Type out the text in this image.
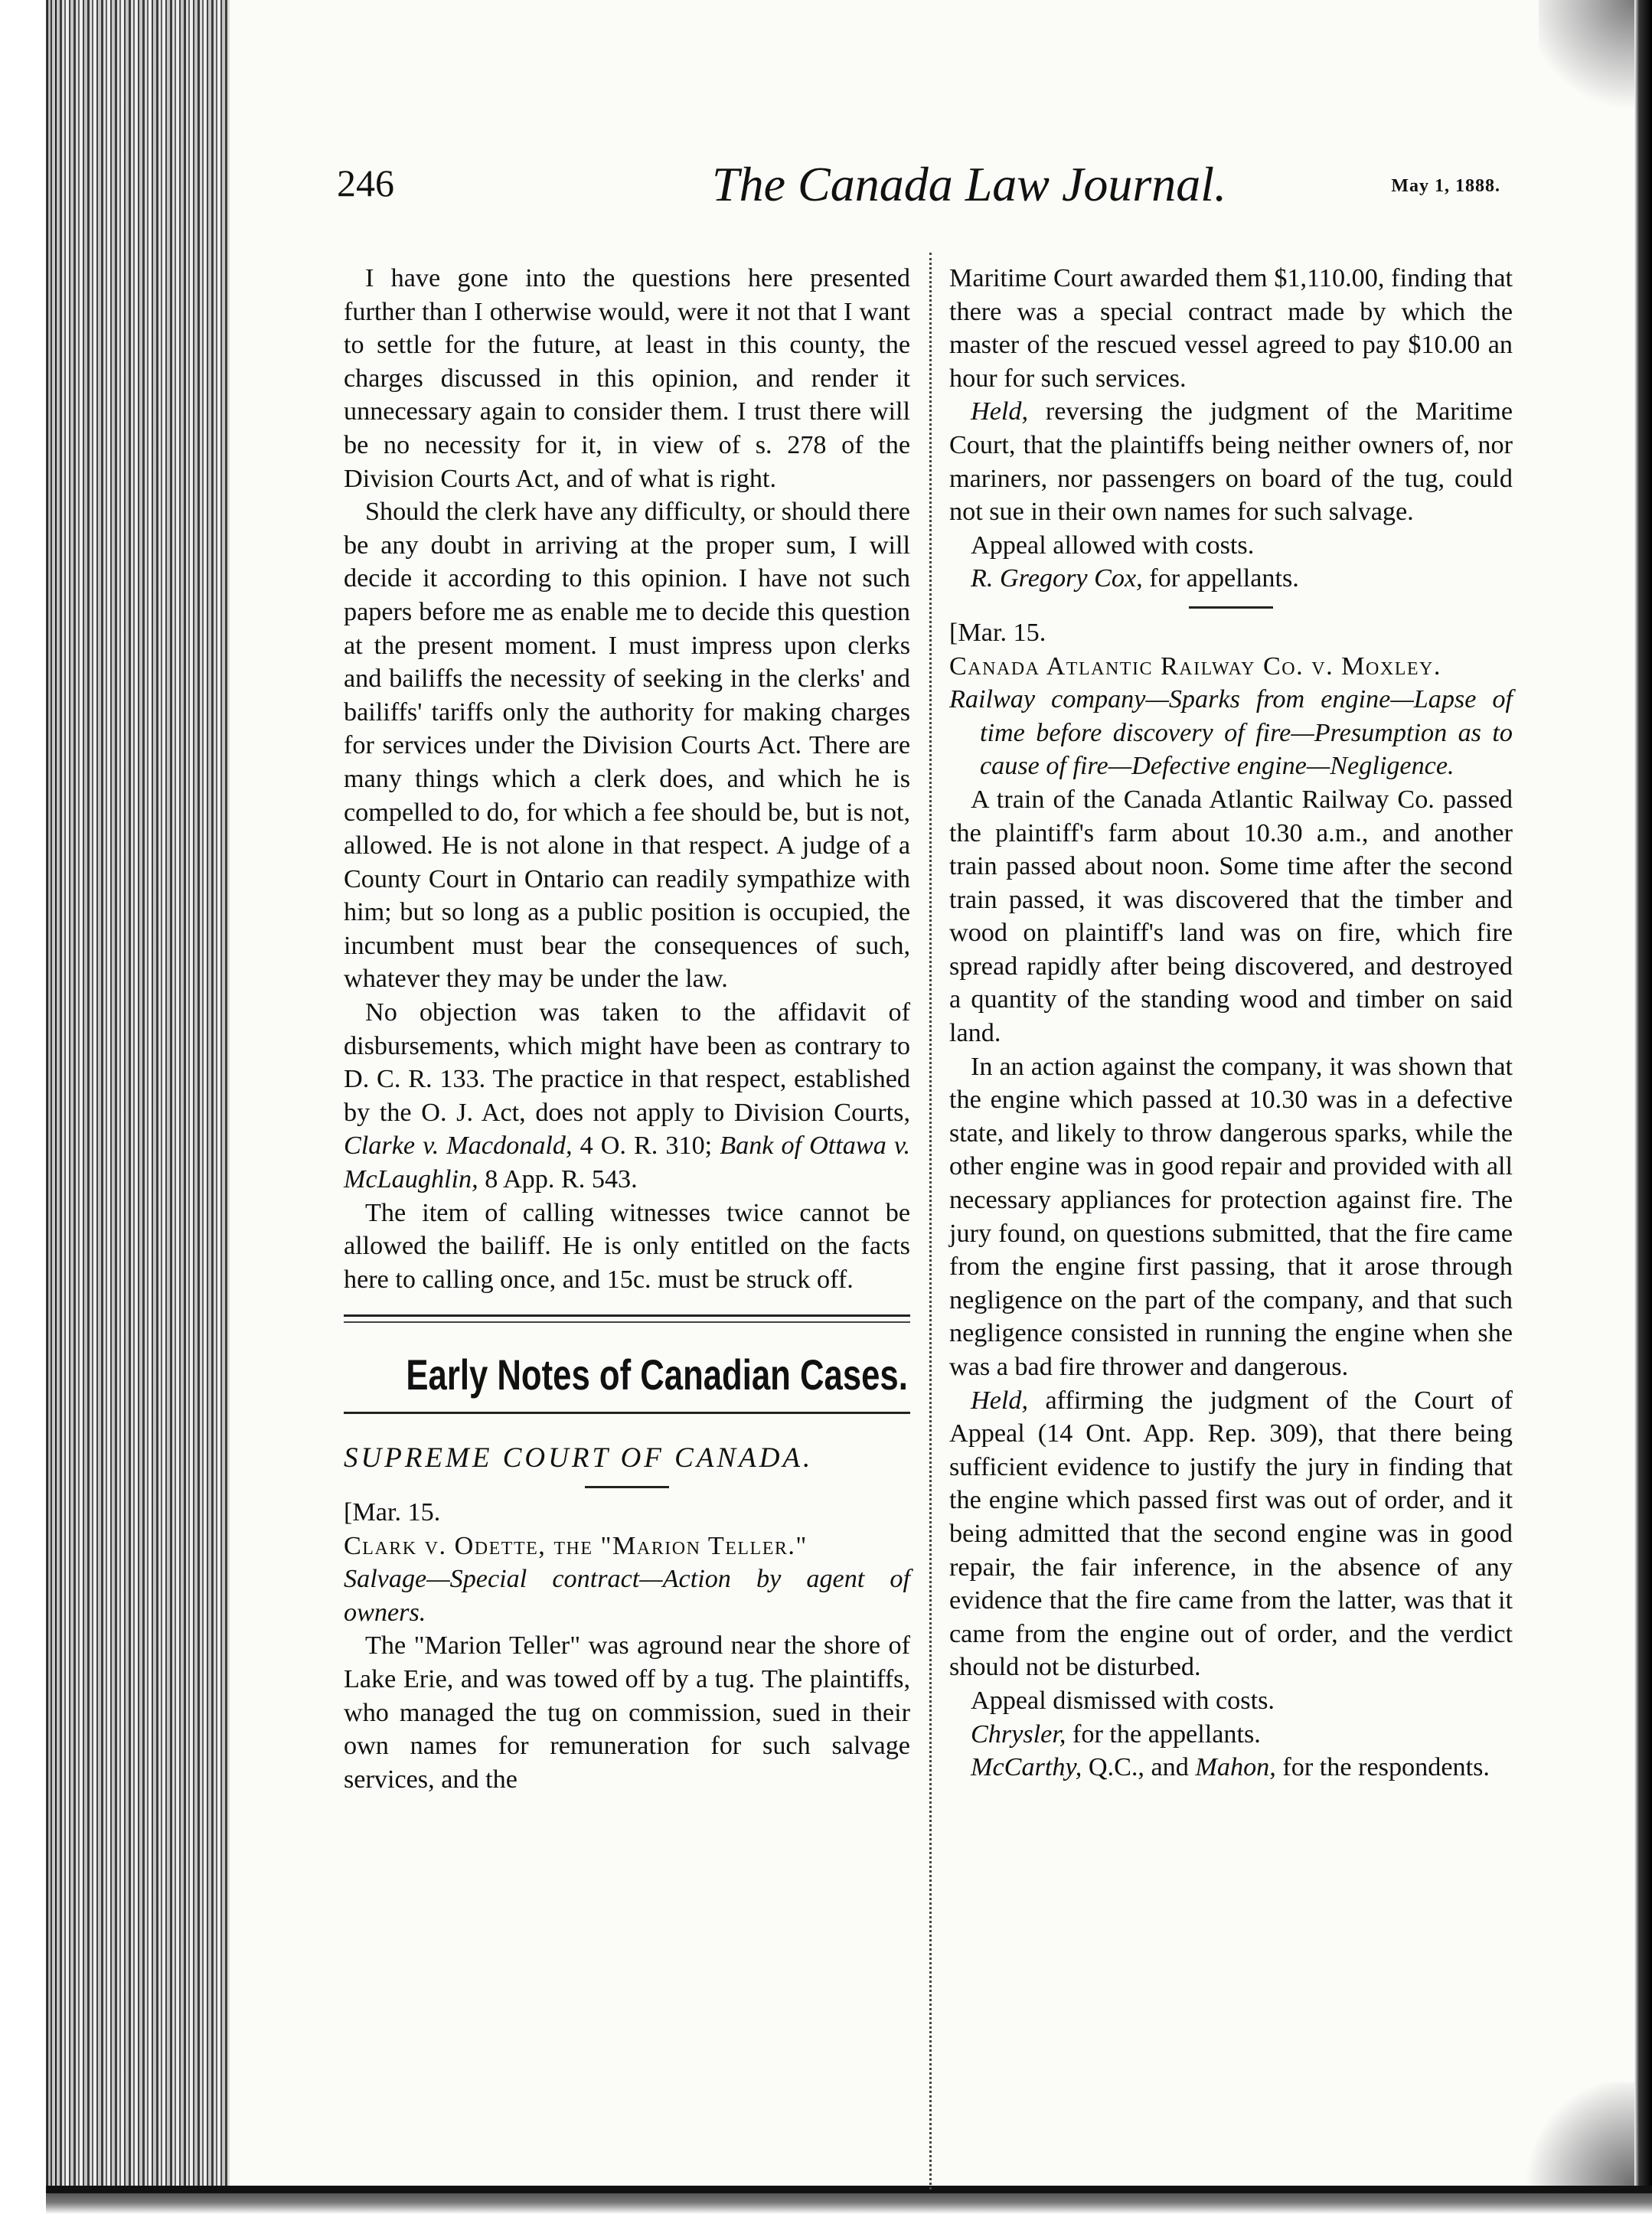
246	The Canada Law Journal.	May 1, 1888.

I have gone into the questions here presented further than I otherwise would, were it not that I want to settle for the future, at least in this county, the charges discussed in this opinion, and render it unnecessary again to consider them. I trust there will be no necessity for it, in view of s. 278 of the Division Courts Act, and of what is right.

Should the clerk have any difficulty, or should there be any doubt in arriving at the proper sum, I will decide it according to this opinion. I have not such papers before me as enable me to decide this question at the present moment. I must impress upon clerks and bailiffs the necessity of seeking in the clerks' and bailiffs' tariffs only the authority for making charges for services under the Division Courts Act. There are many things which a clerk does, and which he is compelled to do, for which a fee should be, but is not, allowed. He is not alone in that respect. A judge of a County Court in Ontario can readily sympathize with him; but so long as a public position is occupied, the incumbent must bear the consequences of such, whatever they may be under the law.

No objection was taken to the affidavit of disbursements, which might have been as contrary to D. C. R. 133. The practice in that respect, established by the O. J. Act, does not apply to Division Courts, Clarke v. Macdonald, 4 O. R. 310; Bank of Ottawa v. McLaughlin, 8 App. R. 543.

The item of calling witnesses twice cannot be allowed the bailiff. He is only entitled on the facts here to calling once, and 15c. must be struck off.

Early Notes of Canadian Cases.

SUPREME COURT OF CANADA.

[Mar. 15.

Clark v. Odette, the "Marion Teller."

Salvage—Special contract—Action by agent of owners.

The "Marion Teller" was aground near the shore of Lake Erie, and was towed off by a tug. The plaintiffs, who managed the tug on commission, sued in their own names for remuneration for such salvage services, and the

Maritime Court awarded them $1,110.00, finding that there was a special contract made by which the master of the rescued vessel agreed to pay $10.00 an hour for such services.

Held, reversing the judgment of the Maritime Court, that the plaintiffs being neither owners of, nor mariners, nor passengers on board of the tug, could not sue in their own names for such salvage.

Appeal allowed with costs.

R. Gregory Cox, for appellants.

[Mar. 15.

Canada Atlantic Railway Co. v. Moxley.

Railway company—Sparks from engine—Lapse of time before discovery of fire—Presumption as to cause of fire—Defective engine—Negligence.

A train of the Canada Atlantic Railway Co. passed the plaintiff's farm about 10.30 a.m., and another train passed about noon. Some time after the second train passed, it was discovered that the timber and wood on plaintiff's land was on fire, which fire spread rapidly after being discovered, and destroyed a quantity of the standing wood and timber on said land.

In an action against the company, it was shown that the engine which passed at 10.30 was in a defective state, and likely to throw dangerous sparks, while the other engine was in good repair and provided with all necessary appliances for protection against fire. The jury found, on questions submitted, that the fire came from the engine first passing, that it arose through negligence on the part of the company, and that such negligence consisted in running the engine when she was a bad fire thrower and dangerous.

Held, affirming the judgment of the Court of Appeal (14 Ont. App. Rep. 309), that there being sufficient evidence to justify the jury in finding that the engine which passed first was out of order, and it being admitted that the second engine was in good repair, the fair inference, in the absence of any evidence that the fire came from the latter, was that it came from the engine out of order, and the verdict should not be disturbed.

Appeal dismissed with costs.

Chrysler, for the appellants.

McCarthy, Q.C., and Mahon, for the respondents.
